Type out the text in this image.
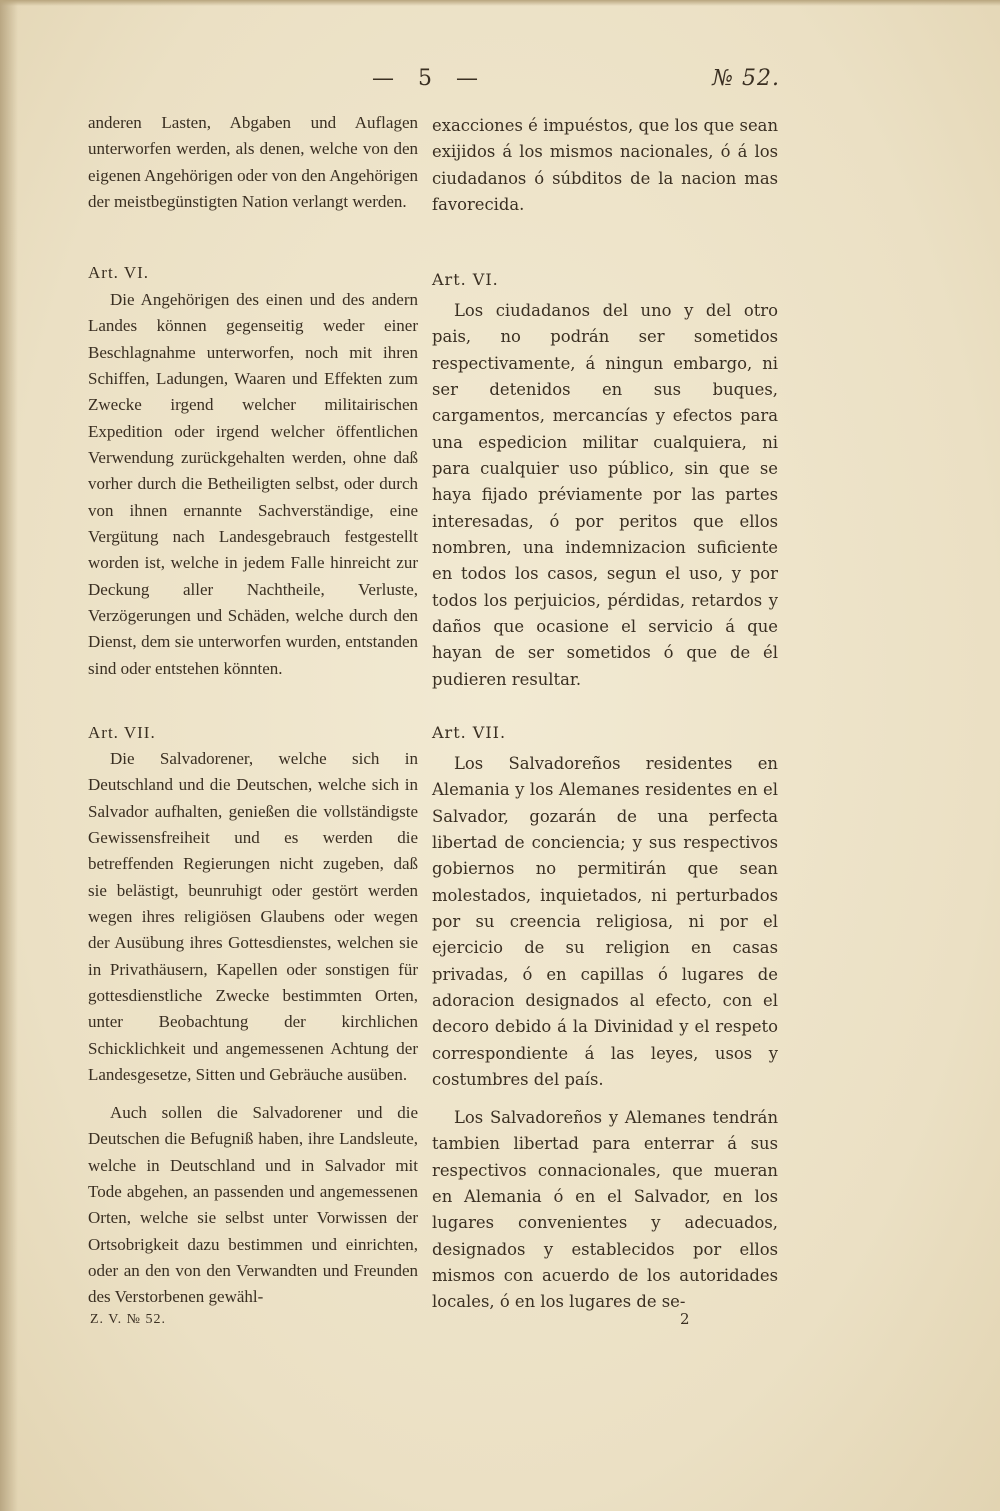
— 5 —	№ 52.

anderen Lasten, Abgaben und Auflagen unterworfen werden, als denen, welche von den eigenen Angehörigen oder von den Angehörigen der meistbegünstigten Nation verlangt werden.

Art. VI.

Die Angehörigen des einen und des andern Landes können gegenseitig weder einer Beschlagnahme unterworfen, noch mit ihren Schiffen, Ladungen, Waaren und Effekten zum Zwecke irgend welcher militairischen Expedition oder irgend welcher öffentlichen Verwendung zurückgehalten werden, ohne daß vorher durch die Betheiligten selbst, oder durch von ihnen ernannte Sachverständige, eine Vergütung nach Landesgebrauch festgestellt worden ist, welche in jedem Falle hinreicht zur Deckung aller Nachtheile, Verluste, Verzögerungen und Schäden, welche durch den Dienst, dem sie unterworfen wurden, entstanden sind oder entstehen könnten.

Art. VII.

Die Salvadorener, welche sich in Deutschland und die Deutschen, welche sich in Salvador aufhalten, genießen die vollständigste Gewissensfreiheit und es werden die betreffenden Regierungen nicht zugeben, daß sie belästigt, beunruhigt oder gestört werden wegen ihres religiösen Glaubens oder wegen der Ausübung ihres Gottesdienstes, welchen sie in Privathäusern, Kapellen oder sonstigen für gottesdienstliche Zwecke bestimmten Orten, unter Beobachtung der kirchlichen Schicklichkeit und angemessenen Achtung der Landesgesetze, Sitten und Gebräuche ausüben.

Auch sollen die Salvadorener und die Deutschen die Befugniß haben, ihre Landsleute, welche in Deutschland und in Salvador mit Tode abgehen, an passenden und angemessenen Orten, welche sie selbst unter Vorwissen der Ortsobrigkeit dazu bestimmen und einrichten, oder an den von den Verwandten und Freunden des Verstorbenen gewähl-

exacciones é impuéstos, que los que sean exijidos á los mismos nacionales, ó á los ciudadanos ó súbditos de la nacion mas favorecida.

Art. VI.

Los ciudadanos del uno y del otro pais, no podrán ser sometidos respectivamente, á ningun embargo, ni ser detenidos en sus buques, cargamentos, mercancías y efectos para una espedicion militar cualquiera, ni para cualquier uso público, sin que se haya fijado préviamente por las partes interesadas, ó por peritos que ellos nombren, una indemnizacion suficiente en todos los casos, segun el uso, y por todos los perjuicios, pérdidas, retardos y daños que ocasione el servicio á que hayan de ser sometidos ó que de él pudieren resultar.

Art. VII.

Los Salvadoreños residentes en Alemania y los Alemanes residentes en el Salvador, gozarán de una perfecta libertad de conciencia; y sus respectivos gobiernos no permitirán que sean molestados, inquietados, ni perturbados por su creencia religiosa, ni por el ejercicio de su religion en casas privadas, ó en capillas ó lugares de adoracion designados al efecto, con el decoro debido á la Divinidad y el respeto correspondiente á las leyes, usos y costumbres del país.

Los Salvadoreños y Alemanes tendrán tambien libertad para enterrar á sus respectivos connacionales, que mueran en Alemania ó en el Salvador, en los lugares convenientes y adecuados, designados y establecidos por ellos mismos con acuerdo de los autoridades locales, ó en los lugares de se-

Z. V. № 52.	2
